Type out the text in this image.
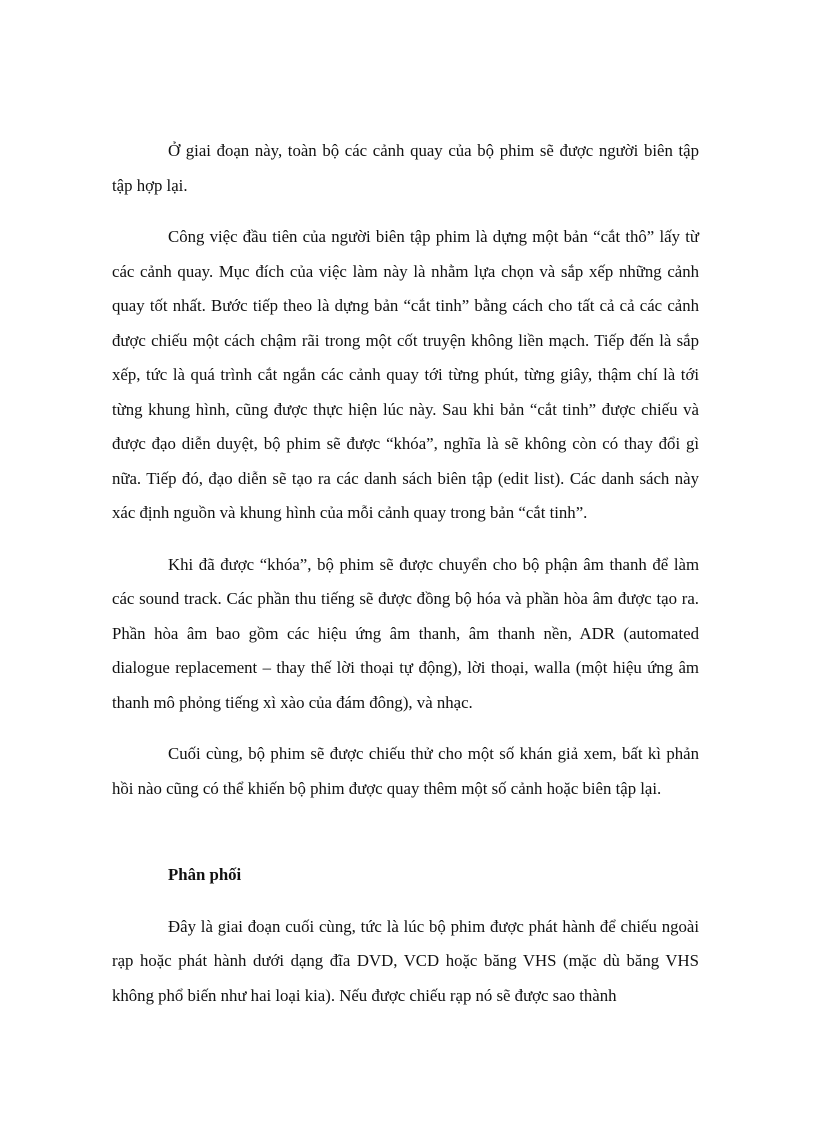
Ở giai đoạn này, toàn bộ các cảnh quay của bộ phim sẽ được người biên tập tập hợp lại.

Công việc đầu tiên của người biên tập phim là dựng một bản “cắt thô” lấy từ các cảnh quay. Mục đích của việc làm này là nhằm lựa chọn và sắp xếp những cảnh quay tốt nhất. Bước tiếp theo là dựng bản “cắt tinh” bằng cách cho tất cả cả các cảnh được chiếu một cách chậm rãi trong một cốt truyện không liền mạch. Tiếp đến là sắp xếp, tức là quá trình cắt ngắn các cảnh quay tới từng phút, từng giây, thậm chí là tới từng khung hình, cũng được thực hiện lúc này. Sau khi bản “cắt tinh” được chiếu và được đạo diễn duyệt, bộ phim sẽ được “khóa”, nghĩa là sẽ không còn có thay đổi gì nữa. Tiếp đó, đạo diễn sẽ tạo ra các danh sách biên tập (edit list). Các danh sách này xác định nguồn và khung hình của mỗi cảnh quay trong bản “cắt tinh”.

Khi đã được “khóa”, bộ phim sẽ được chuyển cho bộ phận âm thanh để làm các sound track. Các phần thu tiếng sẽ được đồng bộ hóa và phần hòa âm được tạo ra. Phần hòa âm bao gồm các hiệu ứng âm thanh, âm thanh nền, ADR (automated dialogue replacement – thay thế lời thoại tự động), lời thoại, walla (một hiệu ứng âm thanh mô phỏng tiếng xì xào của đám đông), và nhạc.

Cuối cùng, bộ phim sẽ được chiếu thử cho một số khán giả xem, bất kì phản hồi nào cũng có thể khiến bộ phim được quay thêm một số cảnh hoặc biên tập lại.

Phân phối

Đây là giai đoạn cuối cùng, tức là lúc bộ phim được phát hành để chiếu ngoài rạp hoặc phát hành dưới dạng đĩa DVD, VCD hoặc băng VHS (mặc dù băng VHS không phổ biến như hai loại kia). Nếu được chiếu rạp nó sẽ được sao thành
